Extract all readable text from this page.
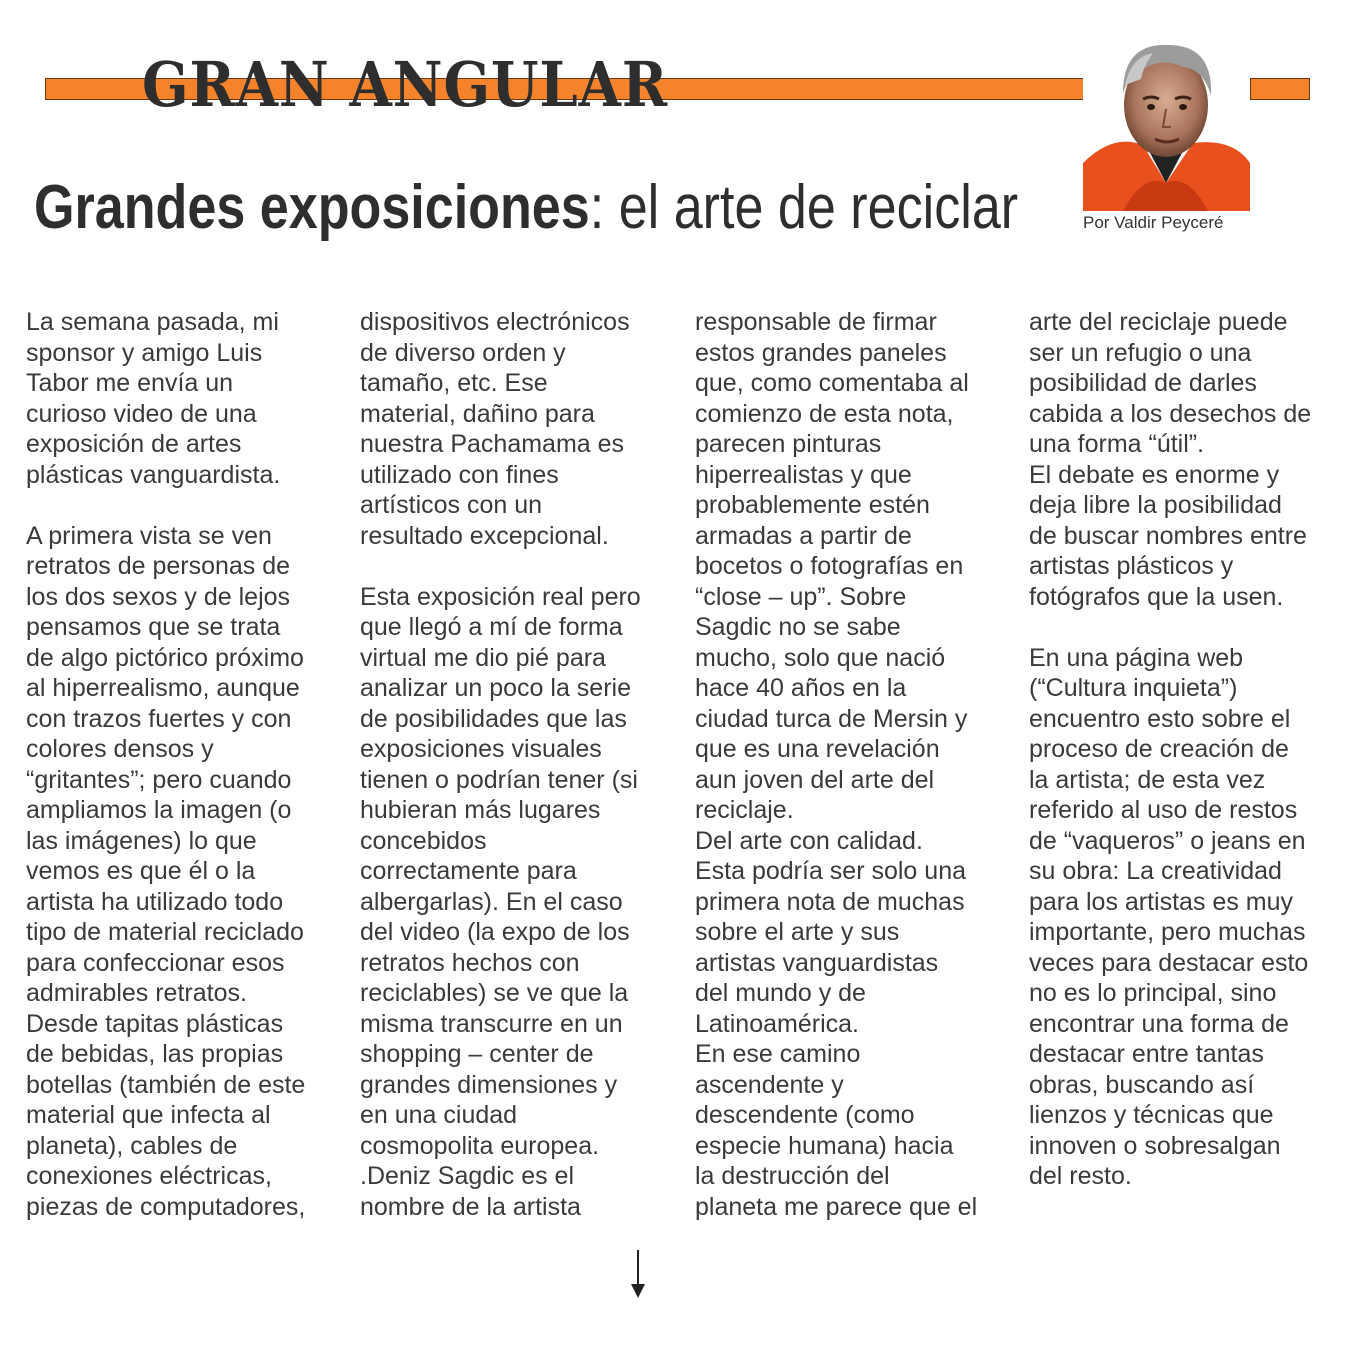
GRAN ANGULAR
Por Valdir Peyceré
Grandes exposiciones: el arte de reciclar
La semana pasada, mi
sponsor y amigo Luis
Tabor me envía un
curioso video de una
exposición de artes
plásticas vanguardista.
A primera vista se ven
retratos de personas de
los dos sexos y de lejos
pensamos que se trata
de algo pictórico próximo
al hiperrealismo, aunque
con trazos fuertes y con
colores densos y
“gritantes”; pero cuando
ampliamos la imagen (o
las imágenes) lo que
vemos es que él o la
artista ha utilizado todo
tipo de material reciclado
para confeccionar esos
admirables retratos.
Desde tapitas plásticas
de bebidas, las propias
botellas (también de este
material que infecta al
planeta), cables de
conexiones eléctricas,
piezas de computadores,
dispositivos electrónicos
de diverso orden y
tamaño, etc. Ese
material, dañino para
nuestra Pachamama es
utilizado con fines
artísticos con un
resultado excepcional.
Esta exposición real pero
que llegó a mí de forma
virtual me dio pié para
analizar un poco la serie
de posibilidades que las
exposiciones visuales
tienen o podrían tener (si
hubieran más lugares
concebidos
correctamente para
albergarlas). En el caso
del video (la expo de los
retratos hechos con
reciclables) se ve que la
misma transcurre en un
shopping – center de
grandes dimensiones y
en una ciudad
cosmopolita europea.
.Deniz Sagdic es el
nombre de la artista
responsable de firmar
estos grandes paneles
que, como comentaba al
comienzo de esta nota,
parecen pinturas
hiperrealistas y que
probablemente estén
armadas a partir de
bocetos o fotografías en
“close – up”. Sobre
Sagdic no se sabe
mucho, solo que nació
hace 40 años en la
ciudad turca de Mersin y
que es una revelación
aun joven del arte del
reciclaje.
Del arte con calidad.
Esta podría ser solo una
primera nota de muchas
sobre el arte y sus
artistas vanguardistas
del mundo y de
Latinoamérica.
En ese camino
ascendente y
descendente (como
especie humana) hacia
la destrucción del
planeta me parece que el
arte del reciclaje puede
ser un refugio o una
posibilidad de darles
cabida a los desechos de
una forma “útil”.
El debate es enorme y
deja libre la posibilidad
de buscar nombres entre
artistas plásticos y
fotógrafos que la usen.
En una página web
(“Cultura inquieta”)
encuentro esto sobre el
proceso de creación de
la artista; de esta vez
referido al uso de restos
de “vaqueros” o jeans en
su obra: La creatividad
para los artistas es muy
importante, pero muchas
veces para destacar esto
no es lo principal, sino
encontrar una forma de
destacar entre tantas
obras, buscando así
lienzos y técnicas que
innoven o sobresalgan
del resto.
